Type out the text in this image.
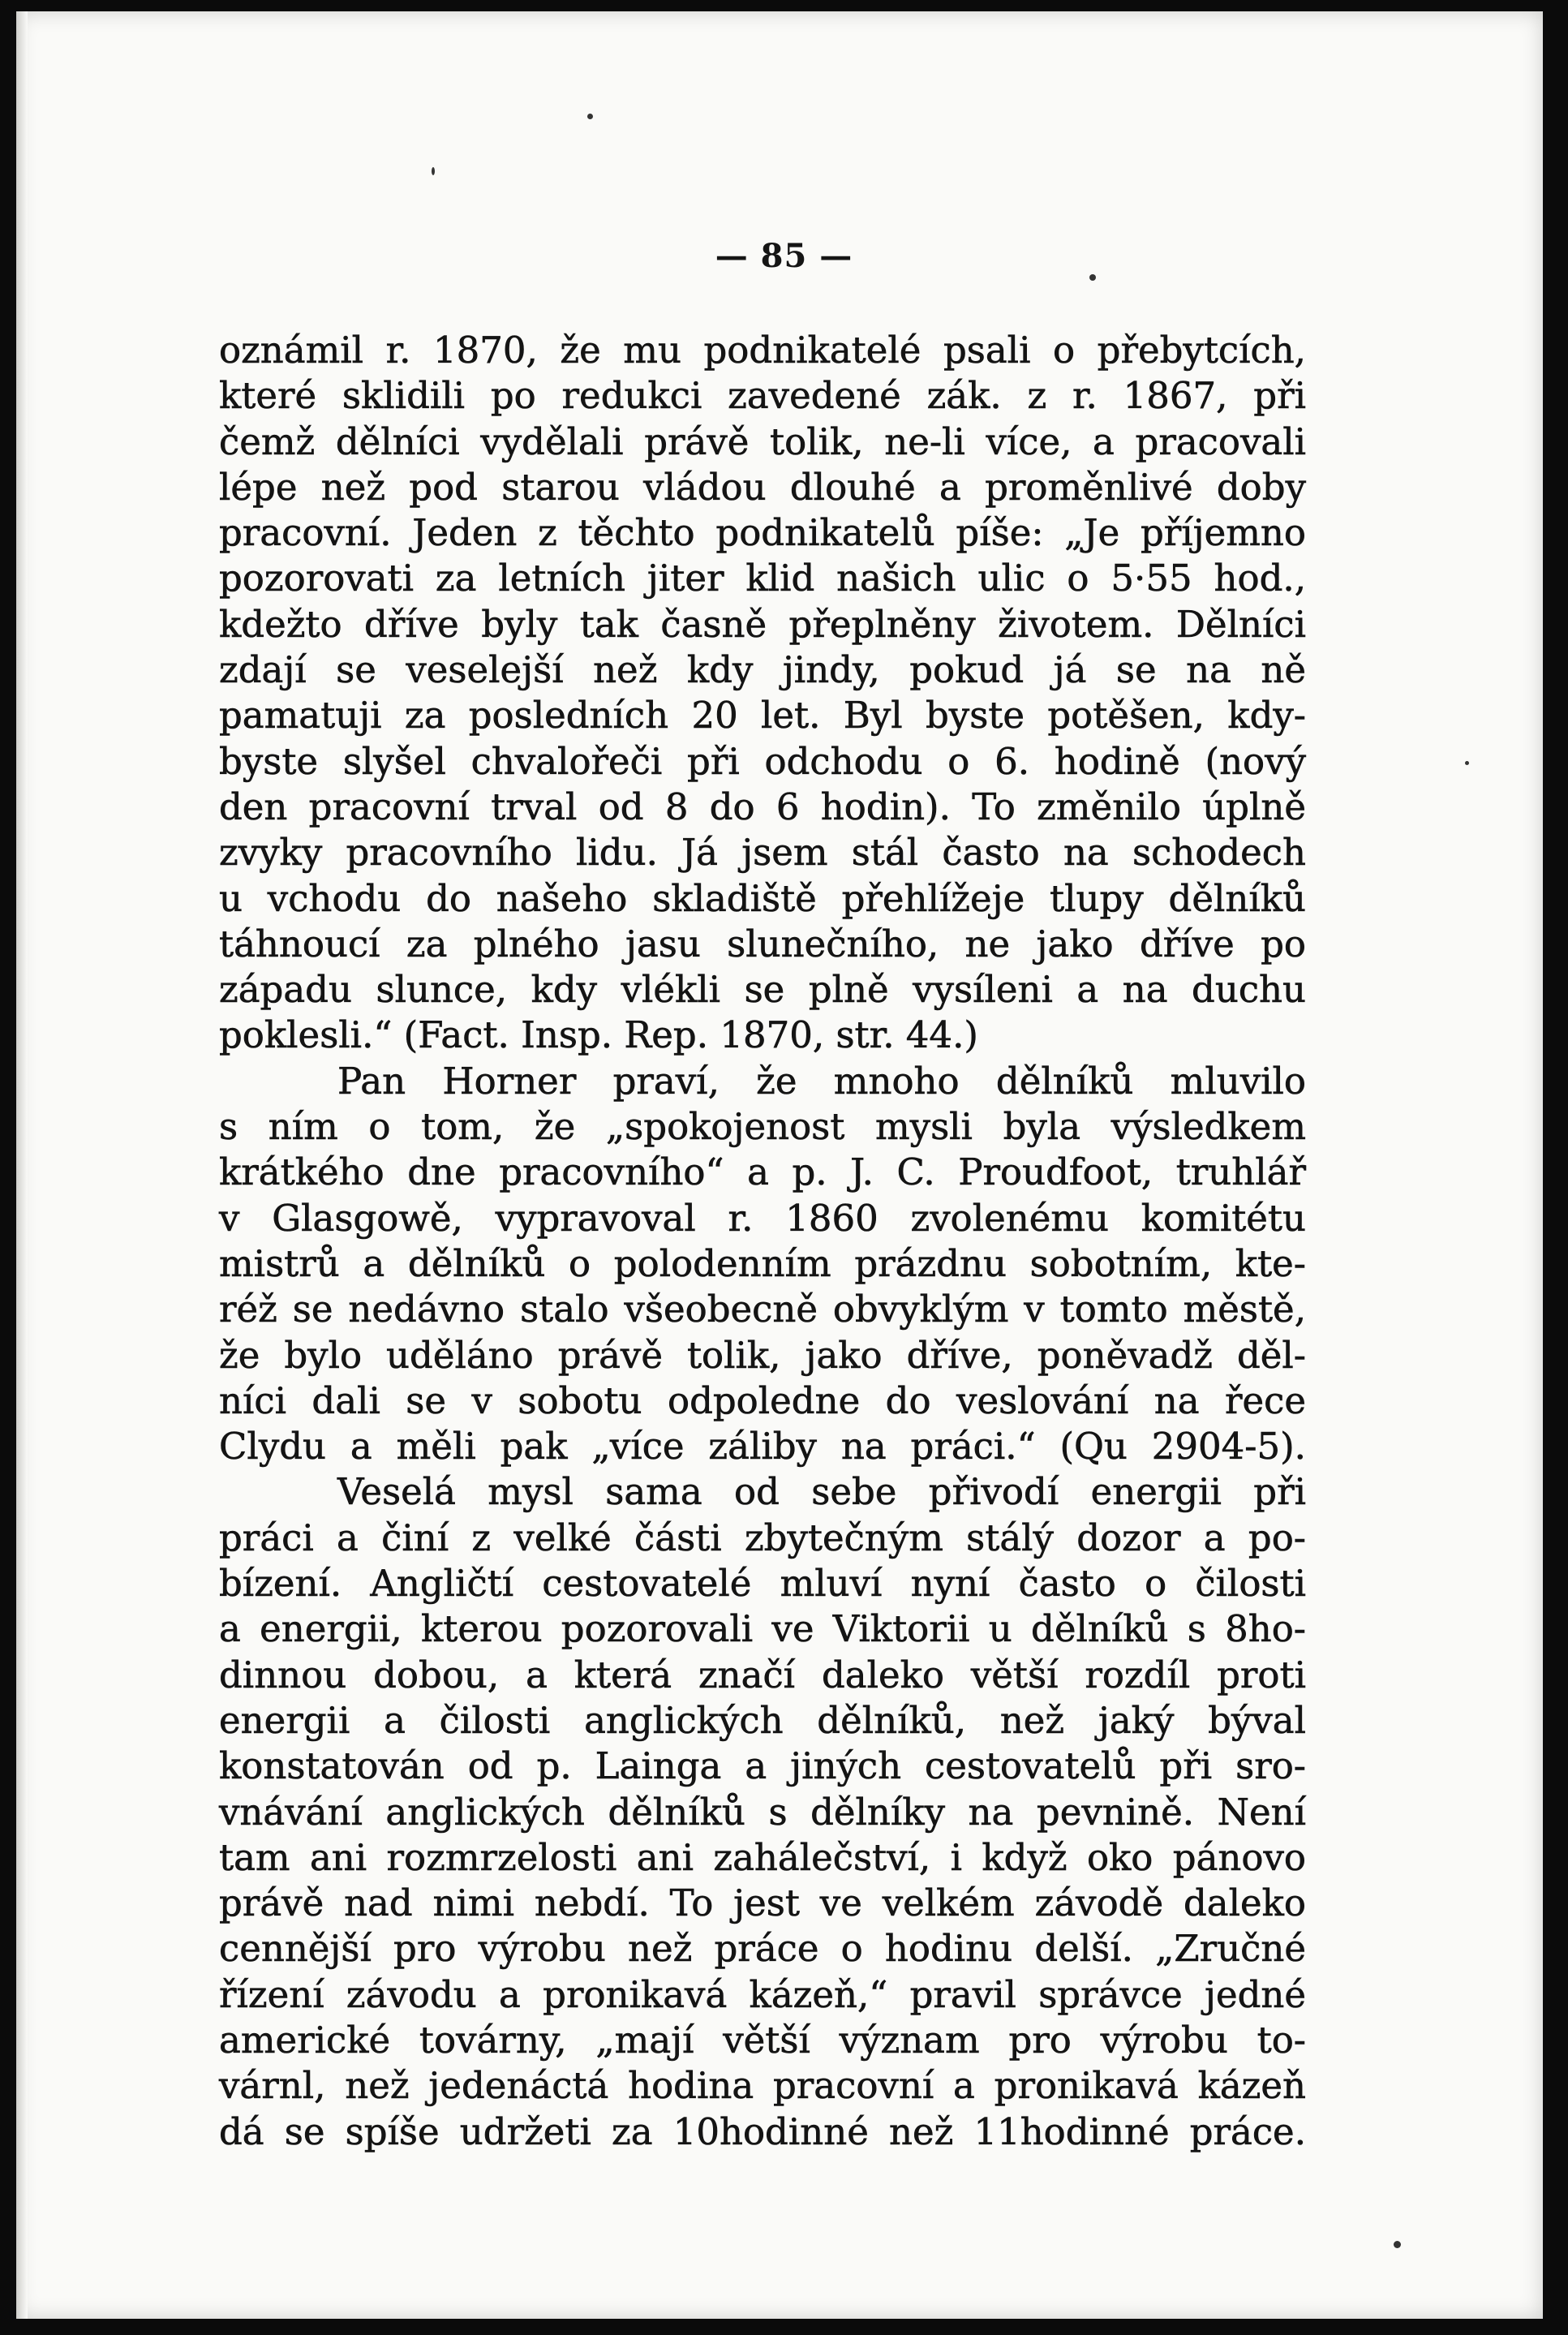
— 85 —
oznámil r. 1870, že mu podnikatelé psali o přebytcích,
které sklidili po redukci zavedené zák. z r. 1867, při
čemž dělníci vydělali právě tolik, ne-li více, a pracovali
lépe než pod starou vládou dlouhé a proměnlivé doby
pracovní. Jeden z těchto podnikatelů píše: „Je příjemno
pozorovati za letních jiter klid našich ulic o 5·55 hod.,
kdežto dříve byly tak časně přeplněny životem. Dělníci
zdají se veselejší než kdy jindy, pokud já se na ně
pamatuji za posledních 20 let. Byl byste potěšen, kdy-
byste slyšel chvalořeči při odchodu o 6. hodině (nový
den pracovní trval od 8 do 6 hodin). To změnilo úplně
zvyky pracovního lidu. Já jsem stál často na schodech
u vchodu do našeho skladiště přehlížeje tlupy dělníků
táhnoucí za plného jasu slunečního, ne jako dříve po
západu slunce, kdy vlékli se plně vysíleni a na duchu
poklesli.“ (Fact. Insp. Rep. 1870, str. 44.)
Pan Horner praví, že mnoho dělníků mluvilo
s ním o tom, že „spokojenost mysli byla výsledkem
krátkého dne pracovního“ a p. J. C. Proudfoot, truhlář
v Glasgowě, vypravoval r. 1860 zvolenému komitétu
mistrů a dělníků o polodenním prázdnu sobotním, kte-
réž se nedávno stalo všeobecně obvyklým v tomto městě,
že bylo uděláno právě tolik, jako dříve, poněvadž děl-
níci dali se v sobotu odpoledne do veslování na řece
Clydu a měli pak „více záliby na práci.“ (Qu 2904-5).
Veselá mysl sama od sebe přivodí energii při
práci a činí z velké části zbytečným stálý dozor a po-
bízení. Angličtí cestovatelé mluví nyní často o čilosti
a energii, kterou pozorovali ve Viktorii u dělníků s 8ho-
dinnou dobou, a která značí daleko větší rozdíl proti
energii a čilosti anglických dělníků, než jaký býval
konstatován od p. Lainga a jiných cestovatelů při sro-
vnávání anglických dělníků s dělníky na pevnině. Není
tam ani rozmrzelosti ani zahálečství, i když oko pánovo
právě nad nimi nebdí. To jest ve velkém závodě daleko
cennější pro výrobu než práce o hodinu delší. „Zručné
řízení závodu a pronikavá kázeň,“ pravil správce jedné
americké továrny, „mají větší význam pro výrobu to-
várnl, než jedenáctá hodina pracovní a pronikavá kázeň
dá se spíše udržeti za 10hodinné než 11hodinné práce.
